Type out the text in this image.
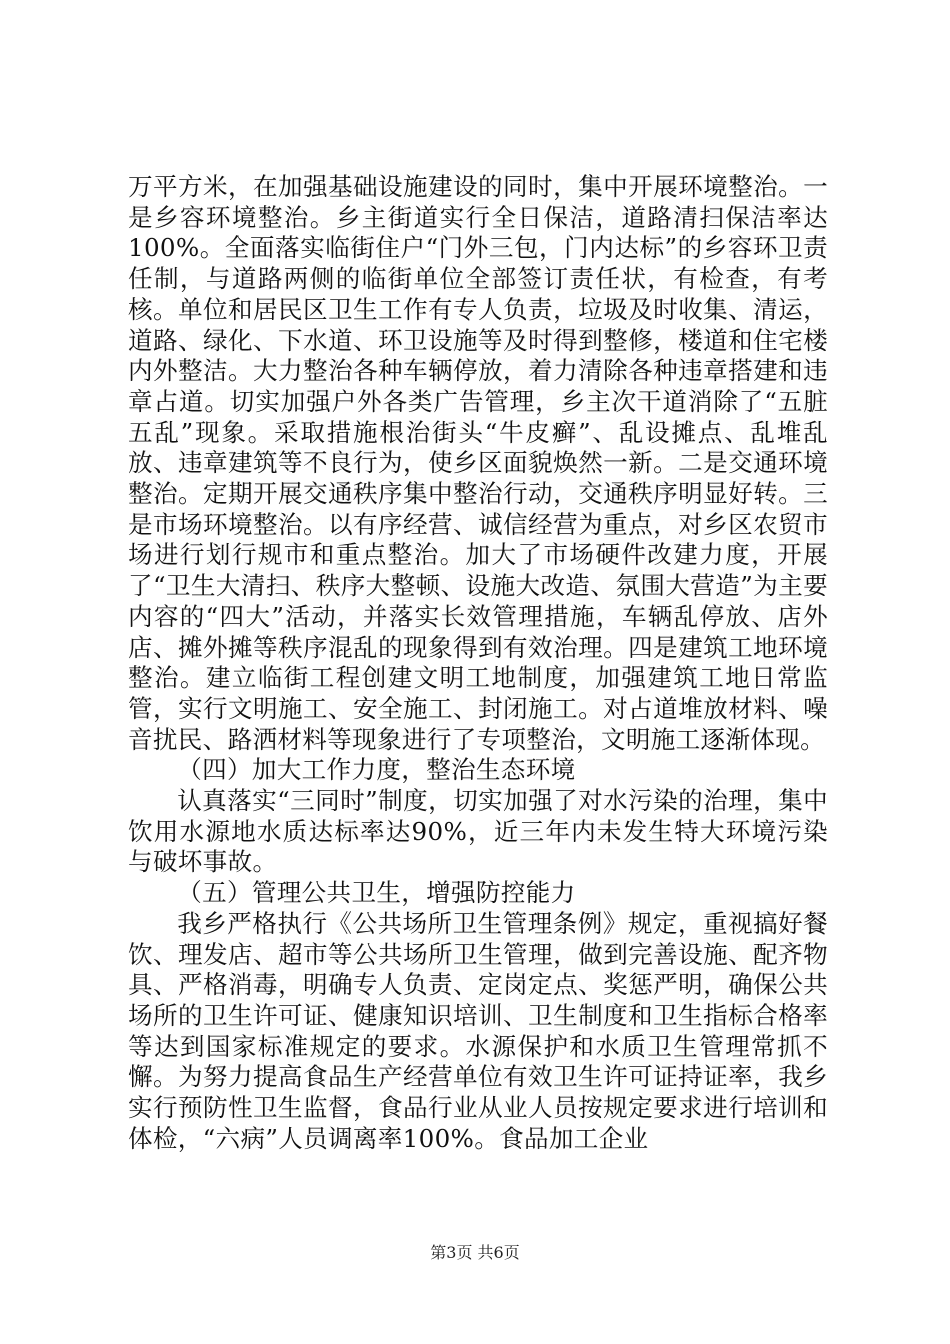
万平方米，在加强基础设施建设的同时，集中开展环境整治。一是乡容环境整治。乡主街道实行全日保洁，道路清扫保洁率达100%。全面落实临街住户“门外三包，门内达标”的乡容环卫责任制，与道路两侧的临街单位全部签订责任状，有检查，有考核。单位和居民区卫生工作有专人负责，垃圾及时收集、清运，道路、绿化、下水道、环卫设施等及时得到整修，楼道和住宅楼内外整洁。大力整治各种车辆停放，着力清除各种违章搭建和违章占道。切实加强户外各类广告管理，乡主次干道消除了“五脏五乱”现象。采取措施根治街头“牛皮癣”、乱设摊点、乱堆乱放、违章建筑等不良行为，使乡区面貌焕然一新。二是交通环境整治。定期开展交通秩序集中整治行动，交通秩序明显好转。三是市场环境整治。以有序经营、诚信经营为重点，对乡区农贸市场进行划行规市和重点整治。加大了市场硬件改建力度，开展了“卫生大清扫、秩序大整顿、设施大改造、氛围大营造”为主要内容的“四大”活动，并落实长效管理措施，车辆乱停放、店外店、摊外摊等秩序混乱的现象得到有效治理。四是建筑工地环境整治。建立临街工程创建文明工地制度，加强建筑工地日常监管，实行文明施工、安全施工、封闭施工。对占道堆放材料、噪音扰民、路洒材料等现象进行了专项整治，文明施工逐渐体现。

（四）加大工作力度，整治生态环境

认真落实“三同时”制度，切实加强了对水污染的治理，集中饮用水源地水质达标率达90%，近三年内未发生特大环境污染与破坏事故。

（五）管理公共卫生，增强防控能力

我乡严格执行《公共场所卫生管理条例》规定，重视搞好餐饮、理发店、超市等公共场所卫生管理，做到完善设施、配齐物具、严格消毒，明确专人负责、定岗定点、奖惩严明，确保公共场所的卫生许可证、健康知识培训、卫生制度和卫生指标合格率等达到国家标准规定的要求。水源保护和水质卫生管理常抓不懈。为努力提高食品生产经营单位有效卫生许可证持证率，我乡实行预防性卫生监督，食品行业从业人员按规定要求进行培训和体检，“六病”人员调离率100%。食品加工企业

第3页 共6页
